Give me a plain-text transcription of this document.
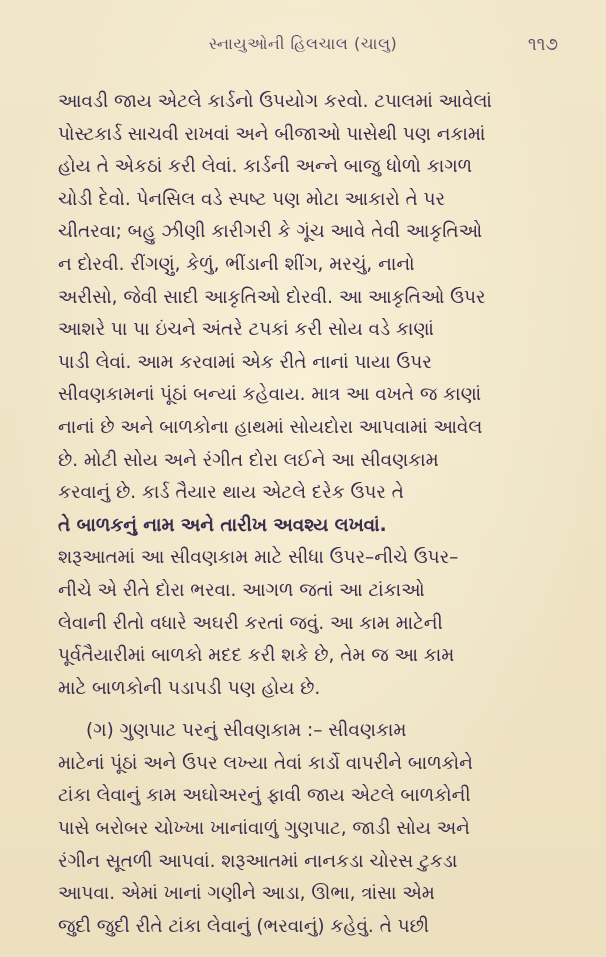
સ્નાયુઓની હિલચાલ (ચાલુ)	૧૧૭

આવડી જાય એટલે કાર્ડનો ઉપયોગ કરવો. ટપાલમાં આવેલાં
પોસ્ટકાર્ડ સાચવી રાખવાં અને બીજાઓ પાસેથી પણ નકામાં
હોય તે એકઠાં કરી લેવાં. કાર્ડની અન્ને બાજુ ધોળો કાગળ
ચોડી દેવો. પેનસિલ વડે સ્પષ્ટ પણ મોટા આકારો તે પર
ચીતરવા; બહુ ઝીણી કારીગરી કે ગૂંચ આવે તેવી આકૃતિઓ
ન દોરવી. રીંગણું, કેળું, ભીંડાની શીંગ, મરચું, નાનો
અરીસો, જેવી સાદી આકૃતિઓ દોરવી. આ આકૃતિઓ ઉપર
આશરે પા પા ઇંચને અંતરે ટપકાં કરી સોય વડે કાણાં
પાડી લેવાં. આમ કરવામાં એક રીતે નાનાં પાયા ઉપર
સીવણકામનાં પૂંઠાં બન્યાં કહેવાય. માત્ર આ વખતે જ કાણાં
નાનાં છે અને બાળકોના હાથમાં સોયદોરા આપવામાં આવેલ
છે. મોટી સોય અને રંગીત દોરા લઈને આ સીવણકામ
કરવાનું છે. કાર્ડ તૈયાર થાય એટલે દરેક ઉપર તે
તે બાળકનું નામ અને તારીખ અવશ્ય લખવાં.
શરૂઆતમાં આ સીવણકામ માટે સીધા ઉપર–નીચે ઉપર–
નીચે એ રીતે દોરા ભરવા. આગળ જતાં આ ટાંકાઓ
લેવાની રીતો વધારે અઘરી કરતાં જવું. આ કામ માટેની
પૂર્વતૈયારીમાં બાળકો મદદ કરી શકે છે, તેમ જ આ કામ
માટે બાળકોની પડાપડી પણ હોય છે.

(ગ) ગુણપાટ પરનું સીવણકામ :– સીવણકામ
માટેનાં પૂંઠાં અને ઉપર લખ્યા તેવાં કાર્ડો વાપરીને બાળકોને
ટાંકા લેવાનું કામ અઘોઅરનું ફાવી જાય એટલે બાળકોની
પાસે બરોબર ચોખ્ખા ખાનાંવાળું ગુણપાટ, જાડી સોય અને
રંગીન સૂતળી આપવાં. શરૂઆતમાં નાનકડા ચોરસ ટુકડા
આપવા. એમાં ખાનાં ગણીને આડા, ઊભા, ત્રાંસા એમ
જુદી જુદી રીતે ટાંકા લેવાનું (ભરવાનું) કહેવું. તે પછી
